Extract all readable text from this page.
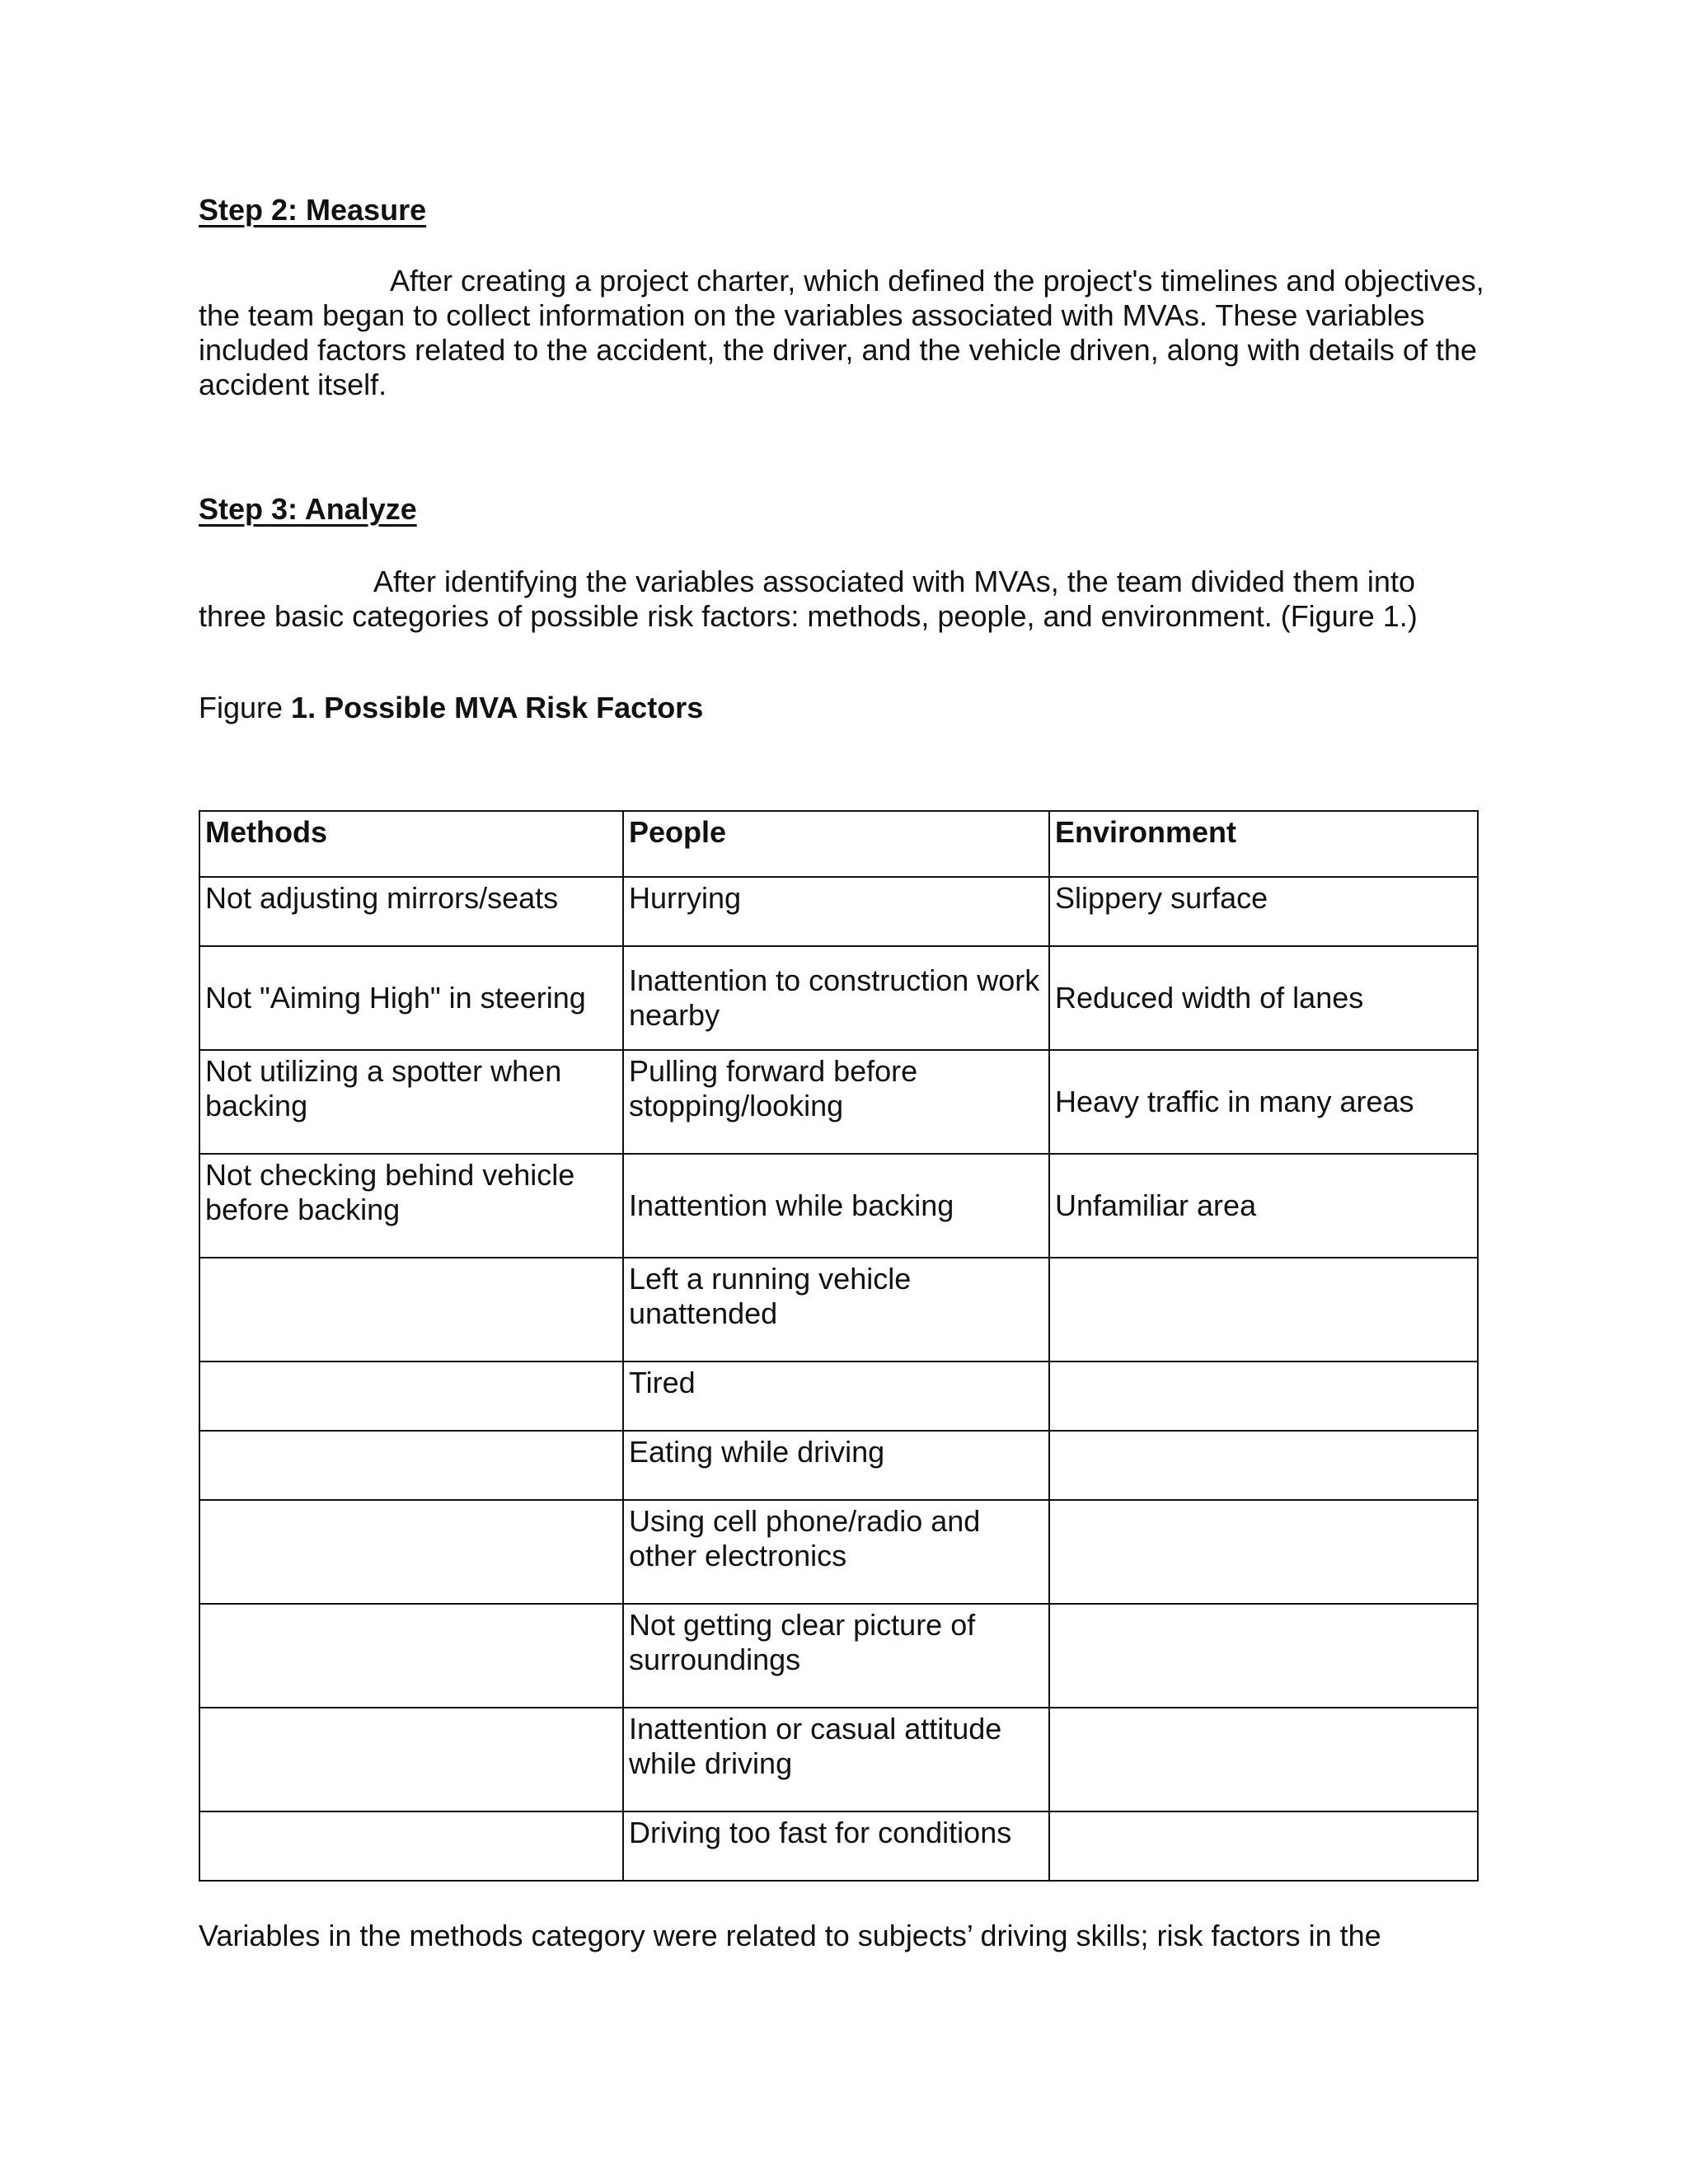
Step 2: Measure

After creating a project charter, which defined the project's timelines and objectives, the team began to collect information on the variables associated with MVAs. These variables included factors related to the accident, the driver, and the vehicle driven, along with details of the accident itself.

Step 3: Analyze

After identifying the variables associated with MVAs, the team divided them into three basic categories of possible risk factors: methods, people, and environment. (Figure 1.)

Figure 1. Possible MVA Risk Factors

Methods	People	Environment
Not adjusting mirrors/seats	Hurrying	Slippery surface
Not "Aiming High" in steering	Inattention to construction work nearby	Reduced width of lanes
Not utilizing a spotter when backing	Pulling forward before stopping/looking	Heavy traffic in many areas
Not checking behind vehicle before backing	Inattention while backing	Unfamiliar area
	Left a running vehicle unattended	
	Tired	
	Eating while driving	
	Using cell phone/radio and other electronics	
	Not getting clear picture of surroundings	
	Inattention or casual attitude while driving	
	Driving too fast for conditions	

Variables in the methods category were related to subjects’ driving skills; risk factors in the
